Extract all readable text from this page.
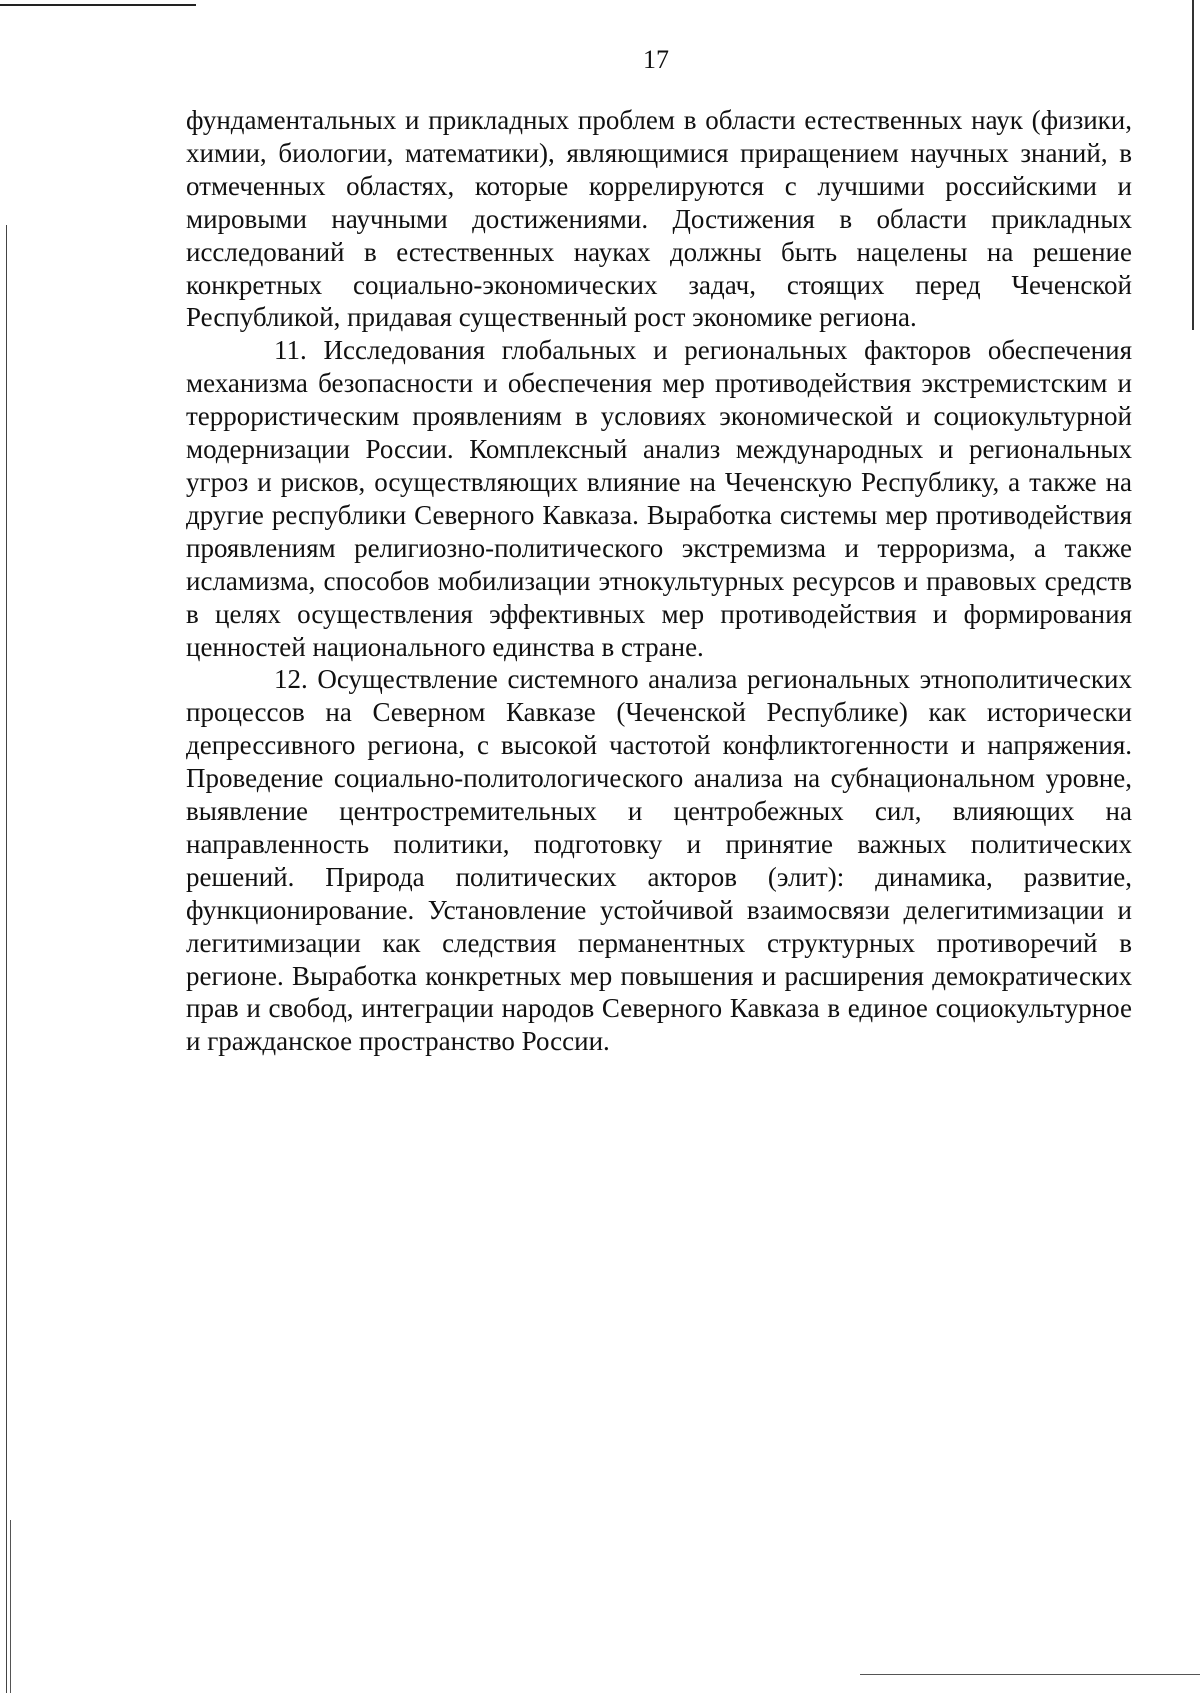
17

фундаментальных и прикладных проблем в области естественных наук (физики, химии, биологии, математики), являющимися приращением научных знаний, в отмеченных областях, которые коррелируются с лучшими российскими и мировыми научными достижениями. Достижения в области прикладных исследований в естественных науках должны быть нацелены на решение конкретных социально-экономических задач, стоящих перед Чеченской Республикой, придавая существенный рост экономике региона.

11. Исследования глобальных и региональных факторов обеспечения механизма безопасности и обеспечения мер противодействия экстремистским и террористическим проявлениям в условиях экономической и социокультурной модернизации России. Комплексный анализ международных и региональных угроз и рисков, осуществляющих влияние на Чеченскую Республику, а также на другие республики Северного Кавказа. Выработка системы мер противодействия проявлениям религиозно-политического экстремизма и терроризма, а также исламизма, способов мобилизации этнокультурных ресурсов и правовых средств в целях осуществления эффективных мер противодействия и формирования ценностей национального единства в стране.

12. Осуществление системного анализа региональных этнополитических процессов на Северном Кавказе (Чеченской Республике) как исторически депрессивного региона, с высокой частотой конфликтогенности и напряжения. Проведение социально-политологического анализа на субнациональном уровне, выявление центростремительных и центробежных сил, влияющих на направленность политики, подготовку и принятие важных политических решений. Природа политических акторов (элит): динамика, развитие, функционирование. Установление устойчивой взаимосвязи делегитимизации и легитимизации как следствия перманентных структурных противоречий в регионе. Выработка конкретных мер повышения и расширения демократических прав и свобод, интеграции народов Северного Кавказа в единое социокультурное и гражданское пространство России.
